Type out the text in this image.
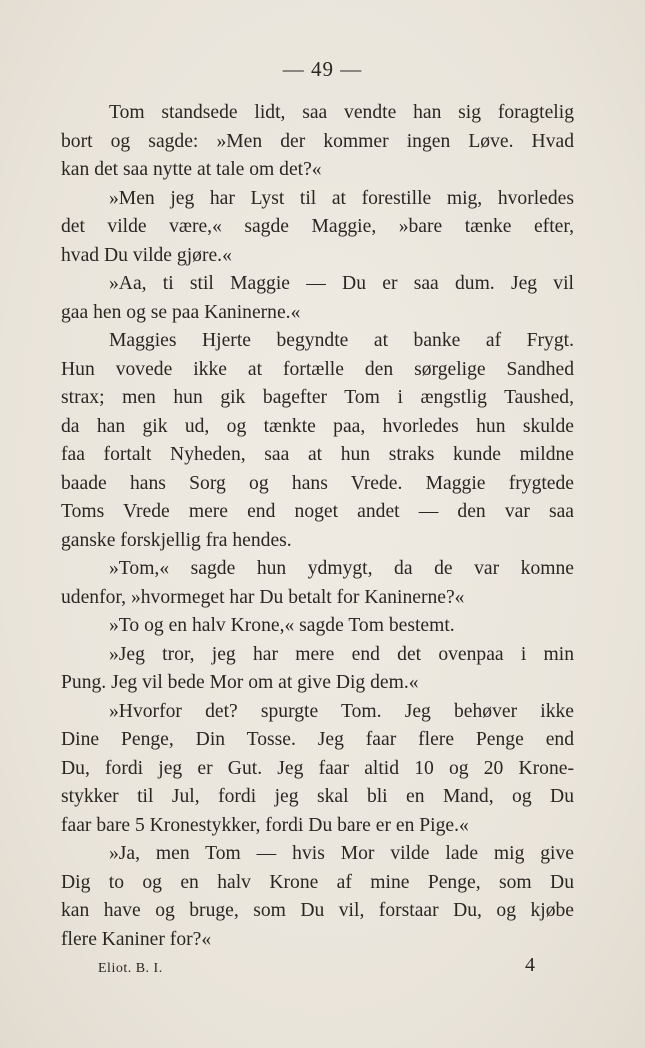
— 49 —

Tom standsede lidt, saa vendte han sig foragtelig
bort og sagde: »Men der kommer ingen Løve. Hvad
kan det saa nytte at tale om det?«

»Men jeg har Lyst til at forestille mig, hvorledes
det vilde være,« sagde Maggie, »bare tænke efter,
hvad Du vilde gjøre.«

»Aa, ti stil Maggie — Du er saa dum. Jeg vil
gaa hen og se paa Kaninerne.«

Maggies Hjerte begyndte at banke af Frygt.
Hun vovede ikke at fortælle den sørgelige Sandhed
strax; men hun gik bagefter Tom i ængstlig Taushed,
da han gik ud, og tænkte paa, hvorledes hun skulde
faa fortalt Nyheden, saa at hun straks kunde mildne
baade hans Sorg og hans Vrede. Maggie frygtede
Toms Vrede mere end noget andet — den var saa
ganske forskjellig fra hendes.

»Tom,« sagde hun ydmygt, da de var komne
udenfor, »hvormeget har Du betalt for Kaninerne?«

»To og en halv Krone,« sagde Tom bestemt.

»Jeg tror, jeg har mere end det ovenpaa i min
Pung. Jeg vil bede Mor om at give Dig dem.«

»Hvorfor det? spurgte Tom. Jeg behøver ikke
Dine Penge, Din Tosse. Jeg faar flere Penge end
Du, fordi jeg er Gut. Jeg faar altid 10 og 20 Krone-
stykker til Jul, fordi jeg skal bli en Mand, og Du
faar bare 5 Kronestykker, fordi Du bare er en Pige.«

»Ja, men Tom — hvis Mor vilde lade mig give
Dig to og en halv Krone af mine Penge, som Du
kan have og bruge, som Du vil, forstaar Du, og kjøbe
flere Kaniner for?«

Eliot. B. I.	4
